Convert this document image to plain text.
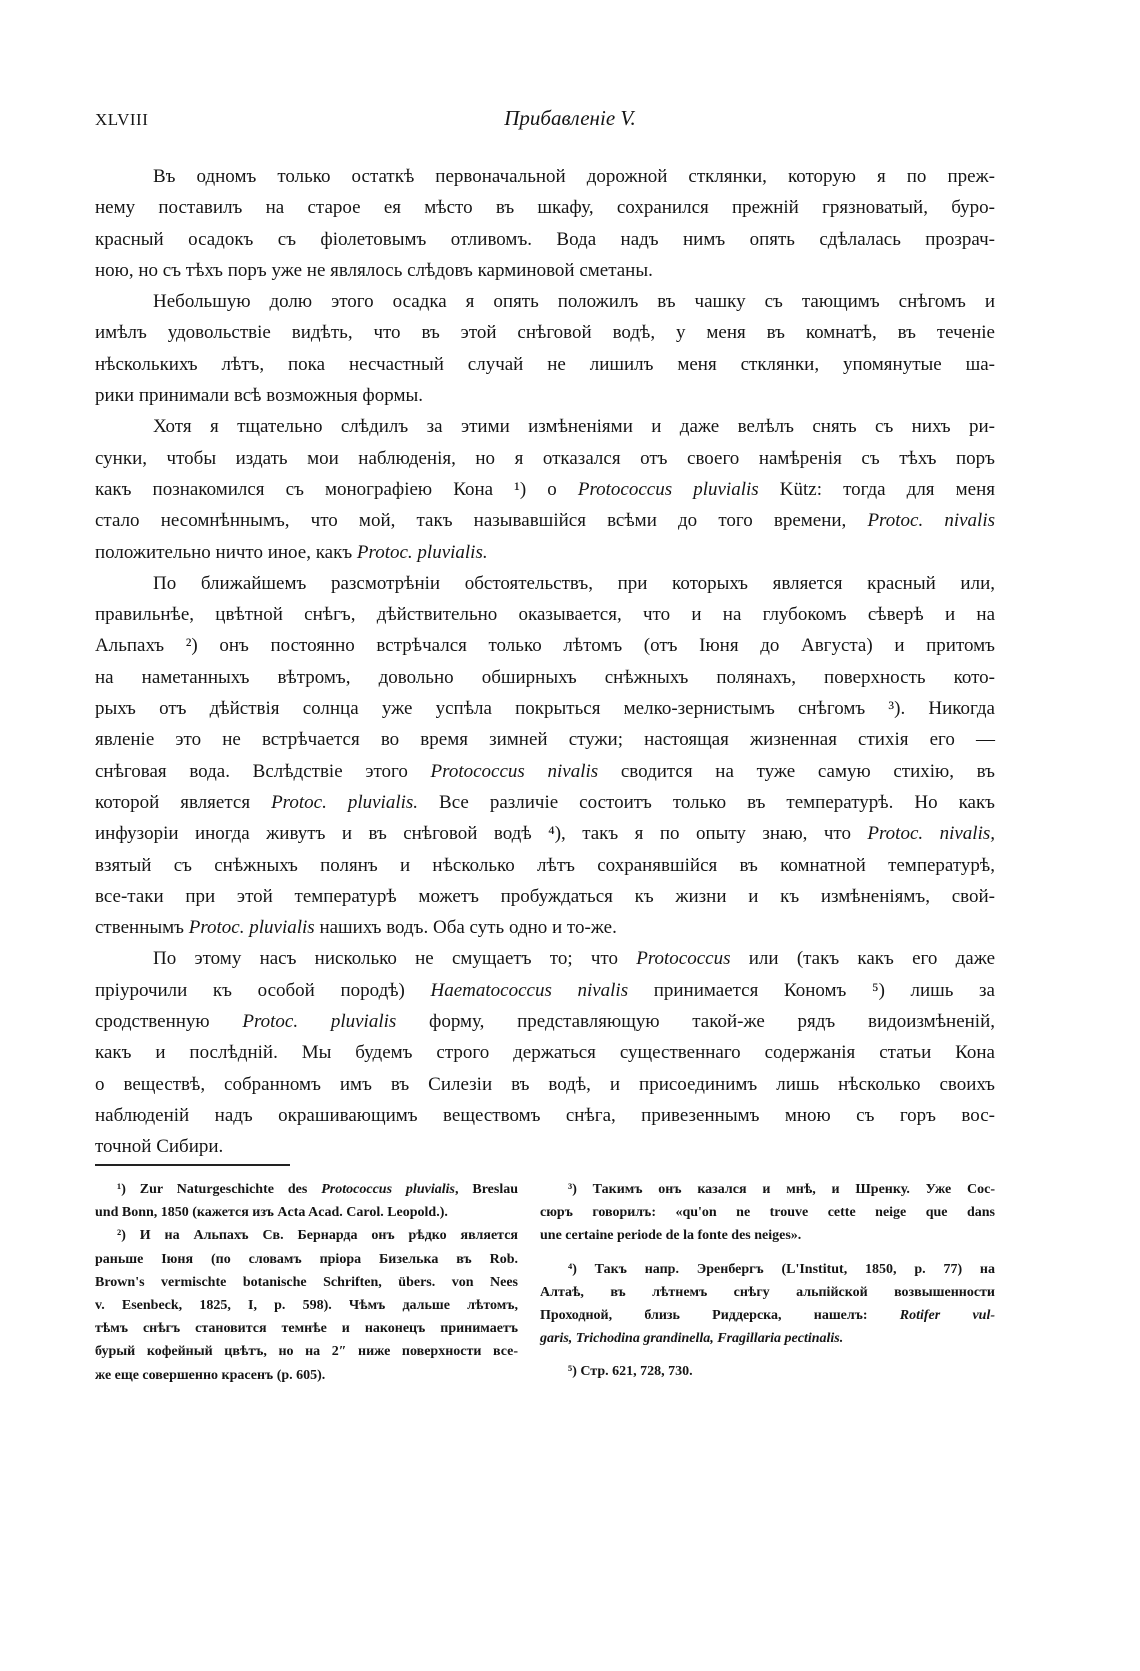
XLVIII	Прибавленіе V.
Въ одномъ только остаткѣ первоначальной дорожной стклянки, которую я по преж-
нему поставилъ на старое ея мѣсто въ шкафу, сохранился прежній грязноватый, буро-
красный осадокъ съ фіолетовымъ отливомъ. Вода надъ нимъ опять сдѣлалась прозрач-
ною, но съ тѣхъ поръ уже не являлось слѣдовъ карминовой сметаны.
Небольшую долю этого осадка я опять положилъ въ чашку съ тающимъ снѣгомъ и
имѣлъ удовольствіе видѣть, что въ этой снѣговой водѣ, у меня въ комнатѣ, въ теченіе
нѣсколькихъ лѣтъ, пока несчастный случай не лишилъ меня стклянки, упомянутые ша-
рики принимали всѣ возможныя формы.
Хотя я тщательно слѣдилъ за этими измѣненіями и даже велѣлъ снять съ нихъ ри-
сунки, чтобы издать мои наблюденія, но я отказался отъ своего намѣренія съ тѣхъ поръ
какъ познакомился съ монографіею Кона ¹) о Protococcus pluvialis Kütz: тогда для меня
стало несомнѣннымъ, что мой, такъ называвшійся всѣми до того времени, Protoc. nivalis
положительно ничто иное, какъ Protoc. pluvialis.
По ближайшемъ разсмотрѣніи обстоятельствъ, при которыхъ является красный или,
правильнѣе, цвѣтной снѣгъ, дѣйствительно оказывается, что и на глубокомъ сѣверѣ и на
Альпахъ ²) онъ постоянно встрѣчался только лѣтомъ (отъ Іюня до Августа) и притомъ
на наметанныхъ вѣтромъ, довольно обширныхъ снѣжныхъ полянахъ, поверхность кото-
рыхъ отъ дѣйствія солнца уже успѣла покрыться мелко-зернистымъ снѣгомъ ³). Никогда
явленіе это не встрѣчается во время зимней стужи; настоящая жизненная стихія его —
снѣговая вода. Вслѣдствіе этого Protococcus nivalis сводится на туже самую стихію, въ
которой является Protoc. pluvialis. Все различіе состоитъ только въ температурѣ. Но какъ
инфузоріи иногда живутъ и въ снѣговой водѣ ⁴), такъ я по опыту знаю, что Protoc. nivalis,
взятый съ снѣжныхъ полянъ и нѣсколько лѣтъ сохранявшійся въ комнатной температурѣ,
все-таки при этой температурѣ можетъ пробуждаться къ жизни и къ измѣненіямъ, свой-
ственнымъ Protoc. pluvialis нашихъ водъ. Оба суть одно и то-же.
По этому насъ нисколько не смущаетъ то; что Protococcus или (такъ какъ его даже
пріурочили къ особой породѣ) Haematococcus nivalis принимается Кономъ ⁵) лишь за
сродственную Protoc. pluvialis форму, представляющую такой-же рядъ видоизмѣненій,
какъ и послѣдній. Мы будемъ строго держаться существеннаго содержанія статьи Кона
о веществѣ, собранномъ имъ въ Силезіи въ водѣ, и присоединимъ лишь нѣсколько своихъ
наблюденій надъ окрашивающимъ веществомъ снѣга, привезеннымъ мною съ горъ вос-
точной Сибири.
¹) Zur Naturgeschichte des Protococcus pluvialis, Breslau
und Bonn, 1850 (кажется изъ Acta Acad. Carol. Leopold.).
²) И на Альпахъ Св. Бернарда онъ рѣдко является
раньше Іюня (по словамъ пріора Бизелька въ Rob.
Brown's vermischte botanische Schriften, übers. von Nees
v. Esenbeck, 1825, I, p. 598). Чѣмъ дальше лѣтомъ,
тѣмъ снѣгъ становится темнѣе и наконецъ принимаетъ
бурый кофейный цвѣтъ, но на 2″ ниже поверхности все-
же еще совершенно красенъ (p. 605).
³) Такимъ онъ казался и мнѣ, и Шренку. Уже Сос-
сюръ говорилъ: «qu'on ne trouve cette neige que dans
une certaine periode de la fonte des neiges».
⁴) Такъ напр. Эренбергъ (L'Institut, 1850, p. 77) на
Алтаѣ, въ лѣтнемъ снѣгу альпійской возвышенности
Проходной, близь Риддерска, нашелъ: Rotifer vul-
garis, Trichodina grandinella, Fragillaria pectinalis.
⁵) Стр. 621, 728, 730.
